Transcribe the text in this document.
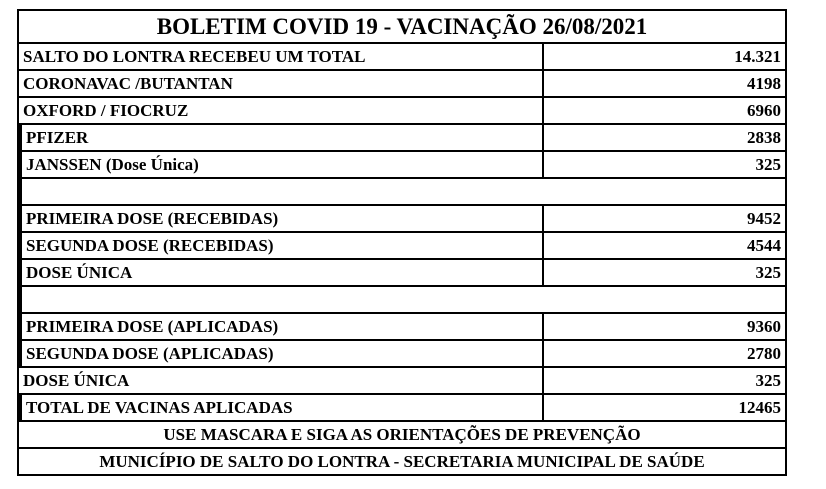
BOLETIM COVID 19 - VACINAÇÃO 26/08/2021
SALTO DO LONTRA RECEBEU UM TOTAL	14.321
CORONAVAC /BUTANTAN	4198
OXFORD / FIOCRUZ	6960
PFIZER	2838
JANSSEN (Dose Única)	325
PRIMEIRA DOSE (RECEBIDAS)	9452
SEGUNDA DOSE (RECEBIDAS)	4544
DOSE ÚNICA	325
PRIMEIRA DOSE (APLICADAS)	9360
SEGUNDA DOSE (APLICADAS)	2780
DOSE ÚNICA	325
TOTAL DE VACINAS APLICADAS	12465
USE MASCARA E SIGA AS ORIENTAÇÕES DE PREVENÇÃO
MUNICÍPIO DE SALTO DO LONTRA - SECRETARIA MUNICIPAL DE SAÚDE
